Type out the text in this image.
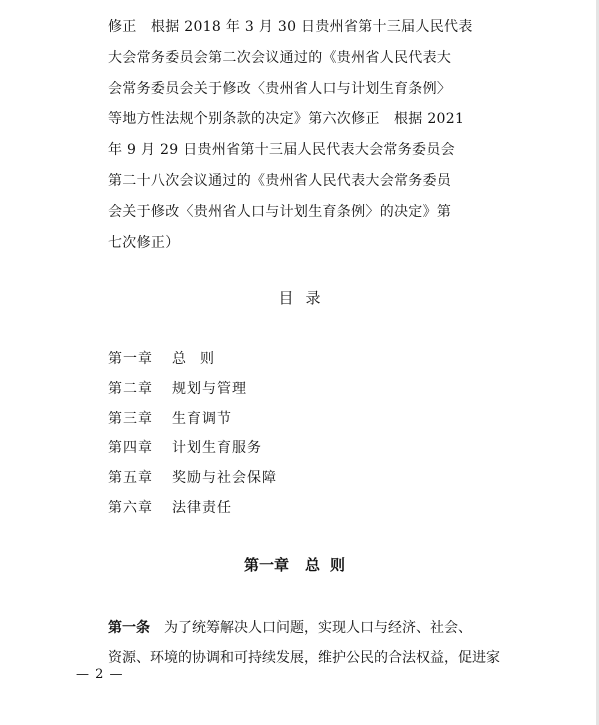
修正　根据 2018 年 3 月 30 日贵州省第十三届人民代表
大会常务委员会第二次会议通过的《贵州省人民代表大
会常务委员会关于修改〈贵州省人口与计划生育条例〉
等地方性法规个别条款的决定》第六次修正　根据 2021
年 9 月 29 日贵州省第十三届人民代表大会常务委员会
第二十八次会议通过的《贵州省人民代表大会常务委员
会关于修改〈贵州省人口与计划生育条例〉的决定》第
七次修正）
目录
第一章 总则
第二章 规划与管理
第三章 生育调节
第四章 计划生育服务
第五章 奖励与社会保障
第六章 法律责任
第一章 总则
第一条 为了统筹解决人口问题，实现人口与经济、社会、
资源、环境的协调和可持续发展，维护公民的合法权益，促进家
— 2 —
